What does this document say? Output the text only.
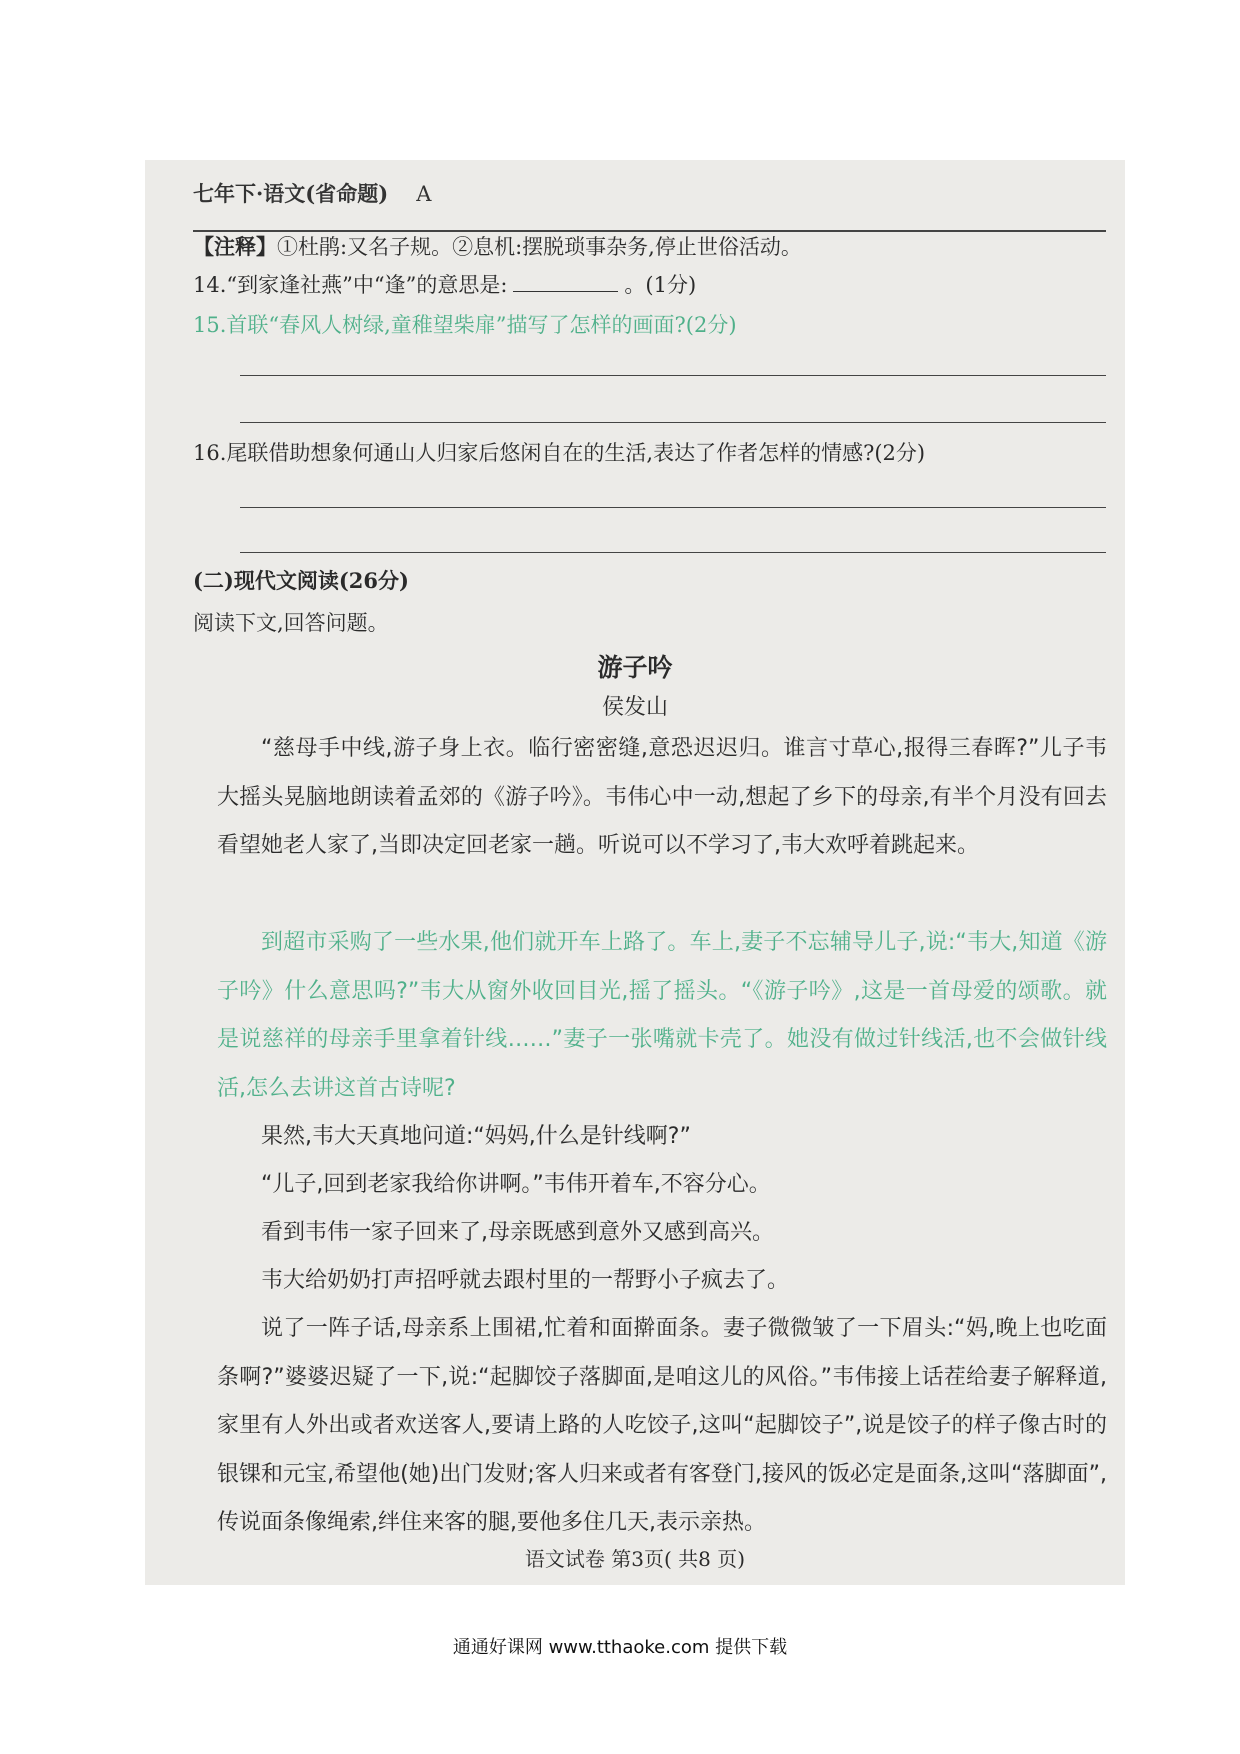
七年下·语文(省命题) A
【注释】①杜鹃:又名子规。②息机:摆脱琐事杂务,停止世俗活动。
14.“到家逢社燕”中“逢”的意思是:	。(1分)
15.首联“春风人树绿,童稚望柴扉”描写了怎样的画面?(2分)
16.尾联借助想象何通山人归家后悠闲自在的生活,表达了作者怎样的情感?(2分)
(二)现代文阅读(26分)
阅读下文,回答问题。
游子吟
侯发山

“慈母手中线,游子身上衣。临行密密缝,意恐迟迟归。谁言寸草心,报得三春晖?”儿子韦大摇头晃脑地朗读着孟郊的《游子吟》。韦伟心中一动,想起了乡下的母亲,有半个月没有回去看望她老人家了,当即决定回老家一趟。听说可以不学习了,韦大欢呼着跳起来。

到超市采购了一些水果,他们就开车上路了。车上,妻子不忘辅导儿子,说:“韦大,知道《游子吟》什么意思吗?”韦大从窗外收回目光,摇了摇头。“《游子吟》,这是一首母爱的颂歌。就是说慈祥的母亲手里拿着针线……”妻子一张嘴就卡壳了。她没有做过针线活,也不会做针线活,怎么去讲这首古诗呢?

果然,韦大天真地问道:“妈妈,什么是针线啊?”

“儿子,回到老家我给你讲啊。”韦伟开着车,不容分心。

看到韦伟一家子回来了,母亲既感到意外又感到高兴。

韦大给奶奶打声招呼就去跟村里的一帮野小子疯去了。

说了一阵子话,母亲系上围裙,忙着和面擀面条。妻子微微皱了一下眉头:“妈,晚上也吃面条啊?”婆婆迟疑了一下,说:“起脚饺子落脚面,是咱这儿的风俗。”韦伟接上话茬给妻子解释道,家里有人外出或者欢送客人,要请上路的人吃饺子,这叫“起脚饺子”,说是饺子的样子像古时的银锞和元宝,希望他(她)出门发财;客人归来或者有客登门,接风的饭必定是面条,这叫“落脚面”,传说面条像绳索,绊住来客的腿,要他多住几天,表示亲热。

语文试卷 第3页( 共8 页)
通通好课网 www.tthaoke.com 提供下载
